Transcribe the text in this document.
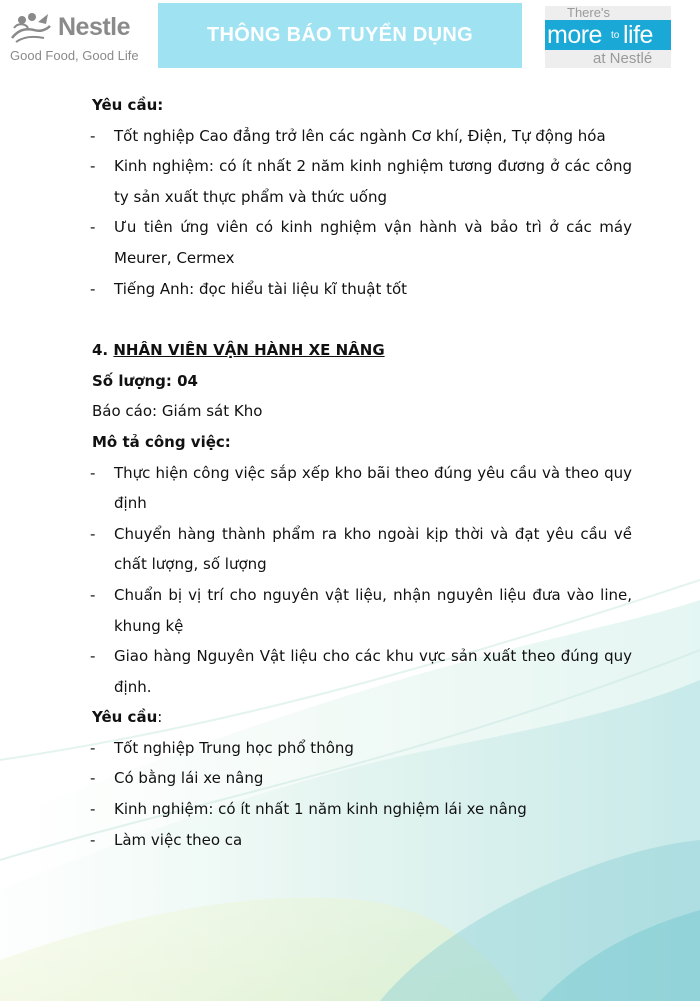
Nestle
Good Food, Good Life
THÔNG BÁO TUYỂN DỤNG
There's
more to life
at Nestlé
Yêu cầu:
- Tốt nghiệp Cao đẳng trở lên các ngành Cơ khí, Điện, Tự động hóa
- Kinh nghiệm: có ít nhất 2 năm kinh nghiệm tương đương ở các công ty sản xuất thực phẩm và thức uống
- Ưu tiên ứng viên có kinh nghiệm vận hành và bảo trì ở các máy Meurer, Cermex
- Tiếng Anh: đọc hiểu tài liệu kĩ thuật tốt
4. NHÂN VIÊN VẬN HÀNH XE NÂNG
Số lượng: 04
Báo cáo: Giám sát Kho
Mô tả công việc:
- Thực hiện công việc sắp xếp kho bãi theo đúng yêu cầu và theo quy định
- Chuyển hàng thành phẩm ra kho ngoài kịp thời và đạt yêu cầu về chất lượng, số lượng
- Chuẩn bị vị trí cho nguyên vật liệu, nhận nguyên liệu đưa vào line, khung kệ
- Giao hàng Nguyên Vật liệu cho các khu vực sản xuất theo đúng quy định.
Yêu cầu:
- Tốt nghiệp Trung học phổ thông
- Có bằng lái xe nâng
- Kinh nghiệm: có ít nhất 1 năm kinh nghiệm lái xe nâng
- Làm việc theo ca
